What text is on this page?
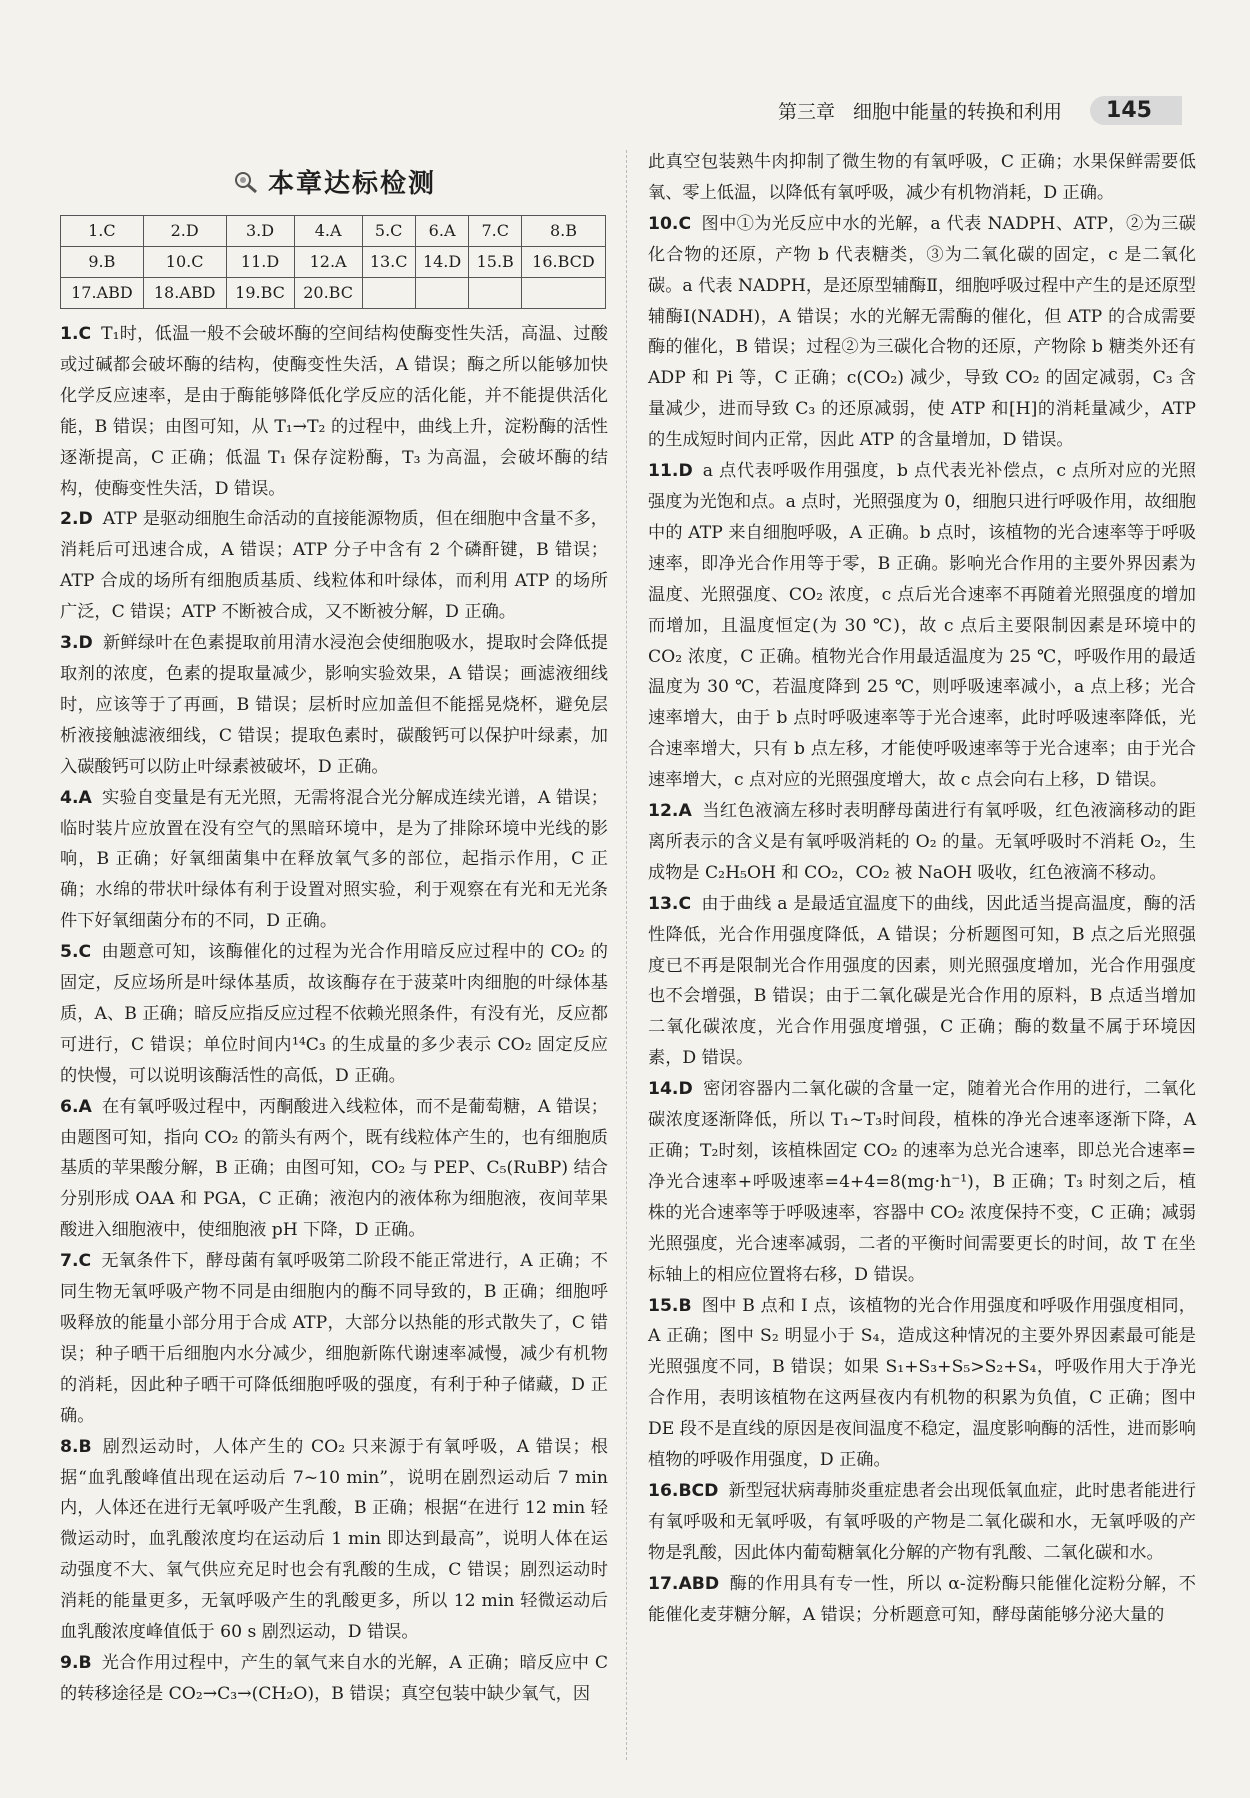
第三章 细胞中能量的转换和利用	145
本章达标检测
1.C	2.D	3.D	4.A	5.C	6.A	7.C	8.B
9.B	10.C	11.D	12.A	13.C	14.D	15.B	16.BCD
17.ABD	18.ABD	19.BC	20.BC				

1.C T₁时，低温一般不会破坏酶的空间结构使酶变性失活，高温、过酸或过碱都会破坏酶的结构，使酶变性失活，A 错误；酶之所以能够加快化学反应速率，是由于酶能够降低化学反应的活化能，并不能提供活化能，B 错误；由图可知，从 T₁→T₂ 的过程中，曲线上升，淀粉酶的活性逐渐提高，C 正确；低温 T₁ 保存淀粉酶，T₃ 为高温，会破坏酶的结构，使酶变性失活，D 错误。

2.D ATP 是驱动细胞生命活动的直接能源物质，但在细胞中含量不多，消耗后可迅速合成，A 错误；ATP 分子中含有 2 个磷酐键，B 错误；ATP 合成的场所有细胞质基质、线粒体和叶绿体，而利用 ATP 的场所广泛，C 错误；ATP 不断被合成，又不断被分解，D 正确。

3.D 新鲜绿叶在色素提取前用清水浸泡会使细胞吸水，提取时会降低提取剂的浓度，色素的提取量减少，影响实验效果，A 错误；画滤液细线时，应该等于了再画，B 错误；层析时应加盖但不能摇晃烧杯，避免层析液接触滤液细线，C 错误；提取色素时，碳酸钙可以保护叶绿素，加入碳酸钙可以防止叶绿素被破坏，D 正确。

4.A 实验自变量是有无光照，无需将混合光分解成连续光谱，A 错误；临时装片应放置在没有空气的黑暗环境中，是为了排除环境中光线的影响，B 正确；好氧细菌集中在释放氧气多的部位，起指示作用，C 正确；水绵的带状叶绿体有利于设置对照实验，利于观察在有光和无光条件下好氧细菌分布的不同，D 正确。

5.C 由题意可知，该酶催化的过程为光合作用暗反应过程中的 CO₂ 的固定，反应场所是叶绿体基质，故该酶存在于菠菜叶肉细胞的叶绿体基质，A、B 正确；暗反应指反应过程不依赖光照条件，有没有光，反应都可进行，C 错误；单位时间内¹⁴C₃ 的生成量的多少表示 CO₂ 固定反应的快慢，可以说明该酶活性的高低，D 正确。

6.A 在有氧呼吸过程中，丙酮酸进入线粒体，而不是葡萄糖，A 错误；由题图可知，指向 CO₂ 的箭头有两个，既有线粒体产生的，也有细胞质基质的苹果酸分解，B 正确；由图可知，CO₂ 与 PEP、C₅(RuBP) 结合分别形成 OAA 和 PGA，C 正确；液泡内的液体称为细胞液，夜间苹果酸进入细胞液中，使细胞液 pH 下降，D 正确。

7.C 无氧条件下，酵母菌有氧呼吸第二阶段不能正常进行，A 正确；不同生物无氧呼吸产物不同是由细胞内的酶不同导致的，B 正确；细胞呼吸释放的能量小部分用于合成 ATP，大部分以热能的形式散失了，C 错误；种子晒干后细胞内水分减少，细胞新陈代谢速率减慢，减少有机物的消耗，因此种子晒干可降低细胞呼吸的强度，有利于种子储藏，D 正确。

8.B 剧烈运动时，人体产生的 CO₂ 只来源于有氧呼吸，A 错误；根据“血乳酸峰值出现在运动后 7~10 min”，说明在剧烈运动后 7 min 内，人体还在进行无氧呼吸产生乳酸，B 正确；根据“在进行 12 min 轻微运动时，血乳酸浓度均在运动后 1 min 即达到最高”，说明人体在运动强度不大、氧气供应充足时也会有乳酸的生成，C 错误；剧烈运动时消耗的能量更多，无氧呼吸产生的乳酸更多，所以 12 min 轻微运动后血乳酸浓度峰值低于 60 s 剧烈运动，D 错误。

9.B 光合作用过程中，产生的氧气来自水的光解，A 正确；暗反应中 C 的转移途径是 CO₂→C₃→(CH₂O)，B 错误；真空包装中缺少氧气，因

此真空包装熟牛肉抑制了微生物的有氧呼吸，C 正确；水果保鲜需要低氧、零上低温，以降低有氧呼吸，减少有机物消耗，D 正确。

10.C 图中①为光反应中水的光解，a 代表 NADPH、ATP，②为三碳化合物的还原，产物 b 代表糖类，③为二氧化碳的固定，c 是二氧化碳。a 代表 NADPH，是还原型辅酶Ⅱ，细胞呼吸过程中产生的是还原型辅酶Ⅰ(NADH)，A 错误；水的光解无需酶的催化，但 ATP 的合成需要酶的催化，B 错误；过程②为三碳化合物的还原，产物除 b 糖类外还有 ADP 和 Pi 等，C 正确；c(CO₂) 减少，导致 CO₂ 的固定减弱，C₃ 含量减少，进而导致 C₃ 的还原减弱，使 ATP 和[H]的消耗量减少，ATP 的生成短时间内正常，因此 ATP 的含量增加，D 错误。

11.D a 点代表呼吸作用强度，b 点代表光补偿点，c 点所对应的光照强度为光饱和点。a 点时，光照强度为 0，细胞只进行呼吸作用，故细胞中的 ATP 来自细胞呼吸，A 正确。b 点时，该植物的光合速率等于呼吸速率，即净光合作用等于零，B 正确。影响光合作用的主要外界因素为温度、光照强度、CO₂ 浓度，c 点后光合速率不再随着光照强度的增加而增加，且温度恒定(为 30 ℃)，故 c 点后主要限制因素是环境中的 CO₂ 浓度，C 正确。植物光合作用最适温度为 25 ℃，呼吸作用的最适温度为 30 ℃，若温度降到 25 ℃，则呼吸速率减小，a 点上移；光合速率增大，由于 b 点时呼吸速率等于光合速率，此时呼吸速率降低，光合速率增大，只有 b 点左移，才能使呼吸速率等于光合速率；由于光合速率增大，c 点对应的光照强度增大，故 c 点会向右上移，D 错误。

12.A 当红色液滴左移时表明酵母菌进行有氧呼吸，红色液滴移动的距离所表示的含义是有氧呼吸消耗的 O₂ 的量。无氧呼吸时不消耗 O₂，生成物是 C₂H₅OH 和 CO₂，CO₂ 被 NaOH 吸收，红色液滴不移动。

13.C 由于曲线 a 是最适宜温度下的曲线，因此适当提高温度，酶的活性降低，光合作用强度降低，A 错误；分析题图可知，B 点之后光照强度已不再是限制光合作用强度的因素，则光照强度增加，光合作用强度也不会增强，B 错误；由于二氧化碳是光合作用的原料，B 点适当增加二氧化碳浓度，光合作用强度增强，C 正确；酶的数量不属于环境因素，D 错误。

14.D 密闭容器内二氧化碳的含量一定，随着光合作用的进行，二氧化碳浓度逐渐降低，所以 T₁~T₃时间段，植株的净光合速率逐渐下降，A 正确；T₂时刻，该植株固定 CO₂ 的速率为总光合速率，即总光合速率=净光合速率+呼吸速率=4+4=8(mg·h⁻¹)，B 正确；T₃ 时刻之后，植株的光合速率等于呼吸速率，容器中 CO₂ 浓度保持不变，C 正确；减弱光照强度，光合速率减弱，二者的平衡时间需要更长的时间，故 T 在坐标轴上的相应位置将右移，D 错误。

15.B 图中 B 点和 I 点，该植物的光合作用强度和呼吸作用强度相同，A 正确；图中 S₂ 明显小于 S₄，造成这种情况的主要外界因素最可能是光照强度不同，B 错误；如果 S₁+S₃+S₅>S₂+S₄，呼吸作用大于净光合作用，表明该植物在这两昼夜内有机物的积累为负值，C 正确；图中 DE 段不是直线的原因是夜间温度不稳定，温度影响酶的活性，进而影响植物的呼吸作用强度，D 正确。

16.BCD 新型冠状病毒肺炎重症患者会出现低氧血症，此时患者能进行有氧呼吸和无氧呼吸，有氧呼吸的产物是二氧化碳和水，无氧呼吸的产物是乳酸，因此体内葡萄糖氧化分解的产物有乳酸、二氧化碳和水。

17.ABD 酶的作用具有专一性，所以 α-淀粉酶只能催化淀粉分解，不能催化麦芽糖分解，A 错误；分析题意可知，酵母菌能够分泌大量的
